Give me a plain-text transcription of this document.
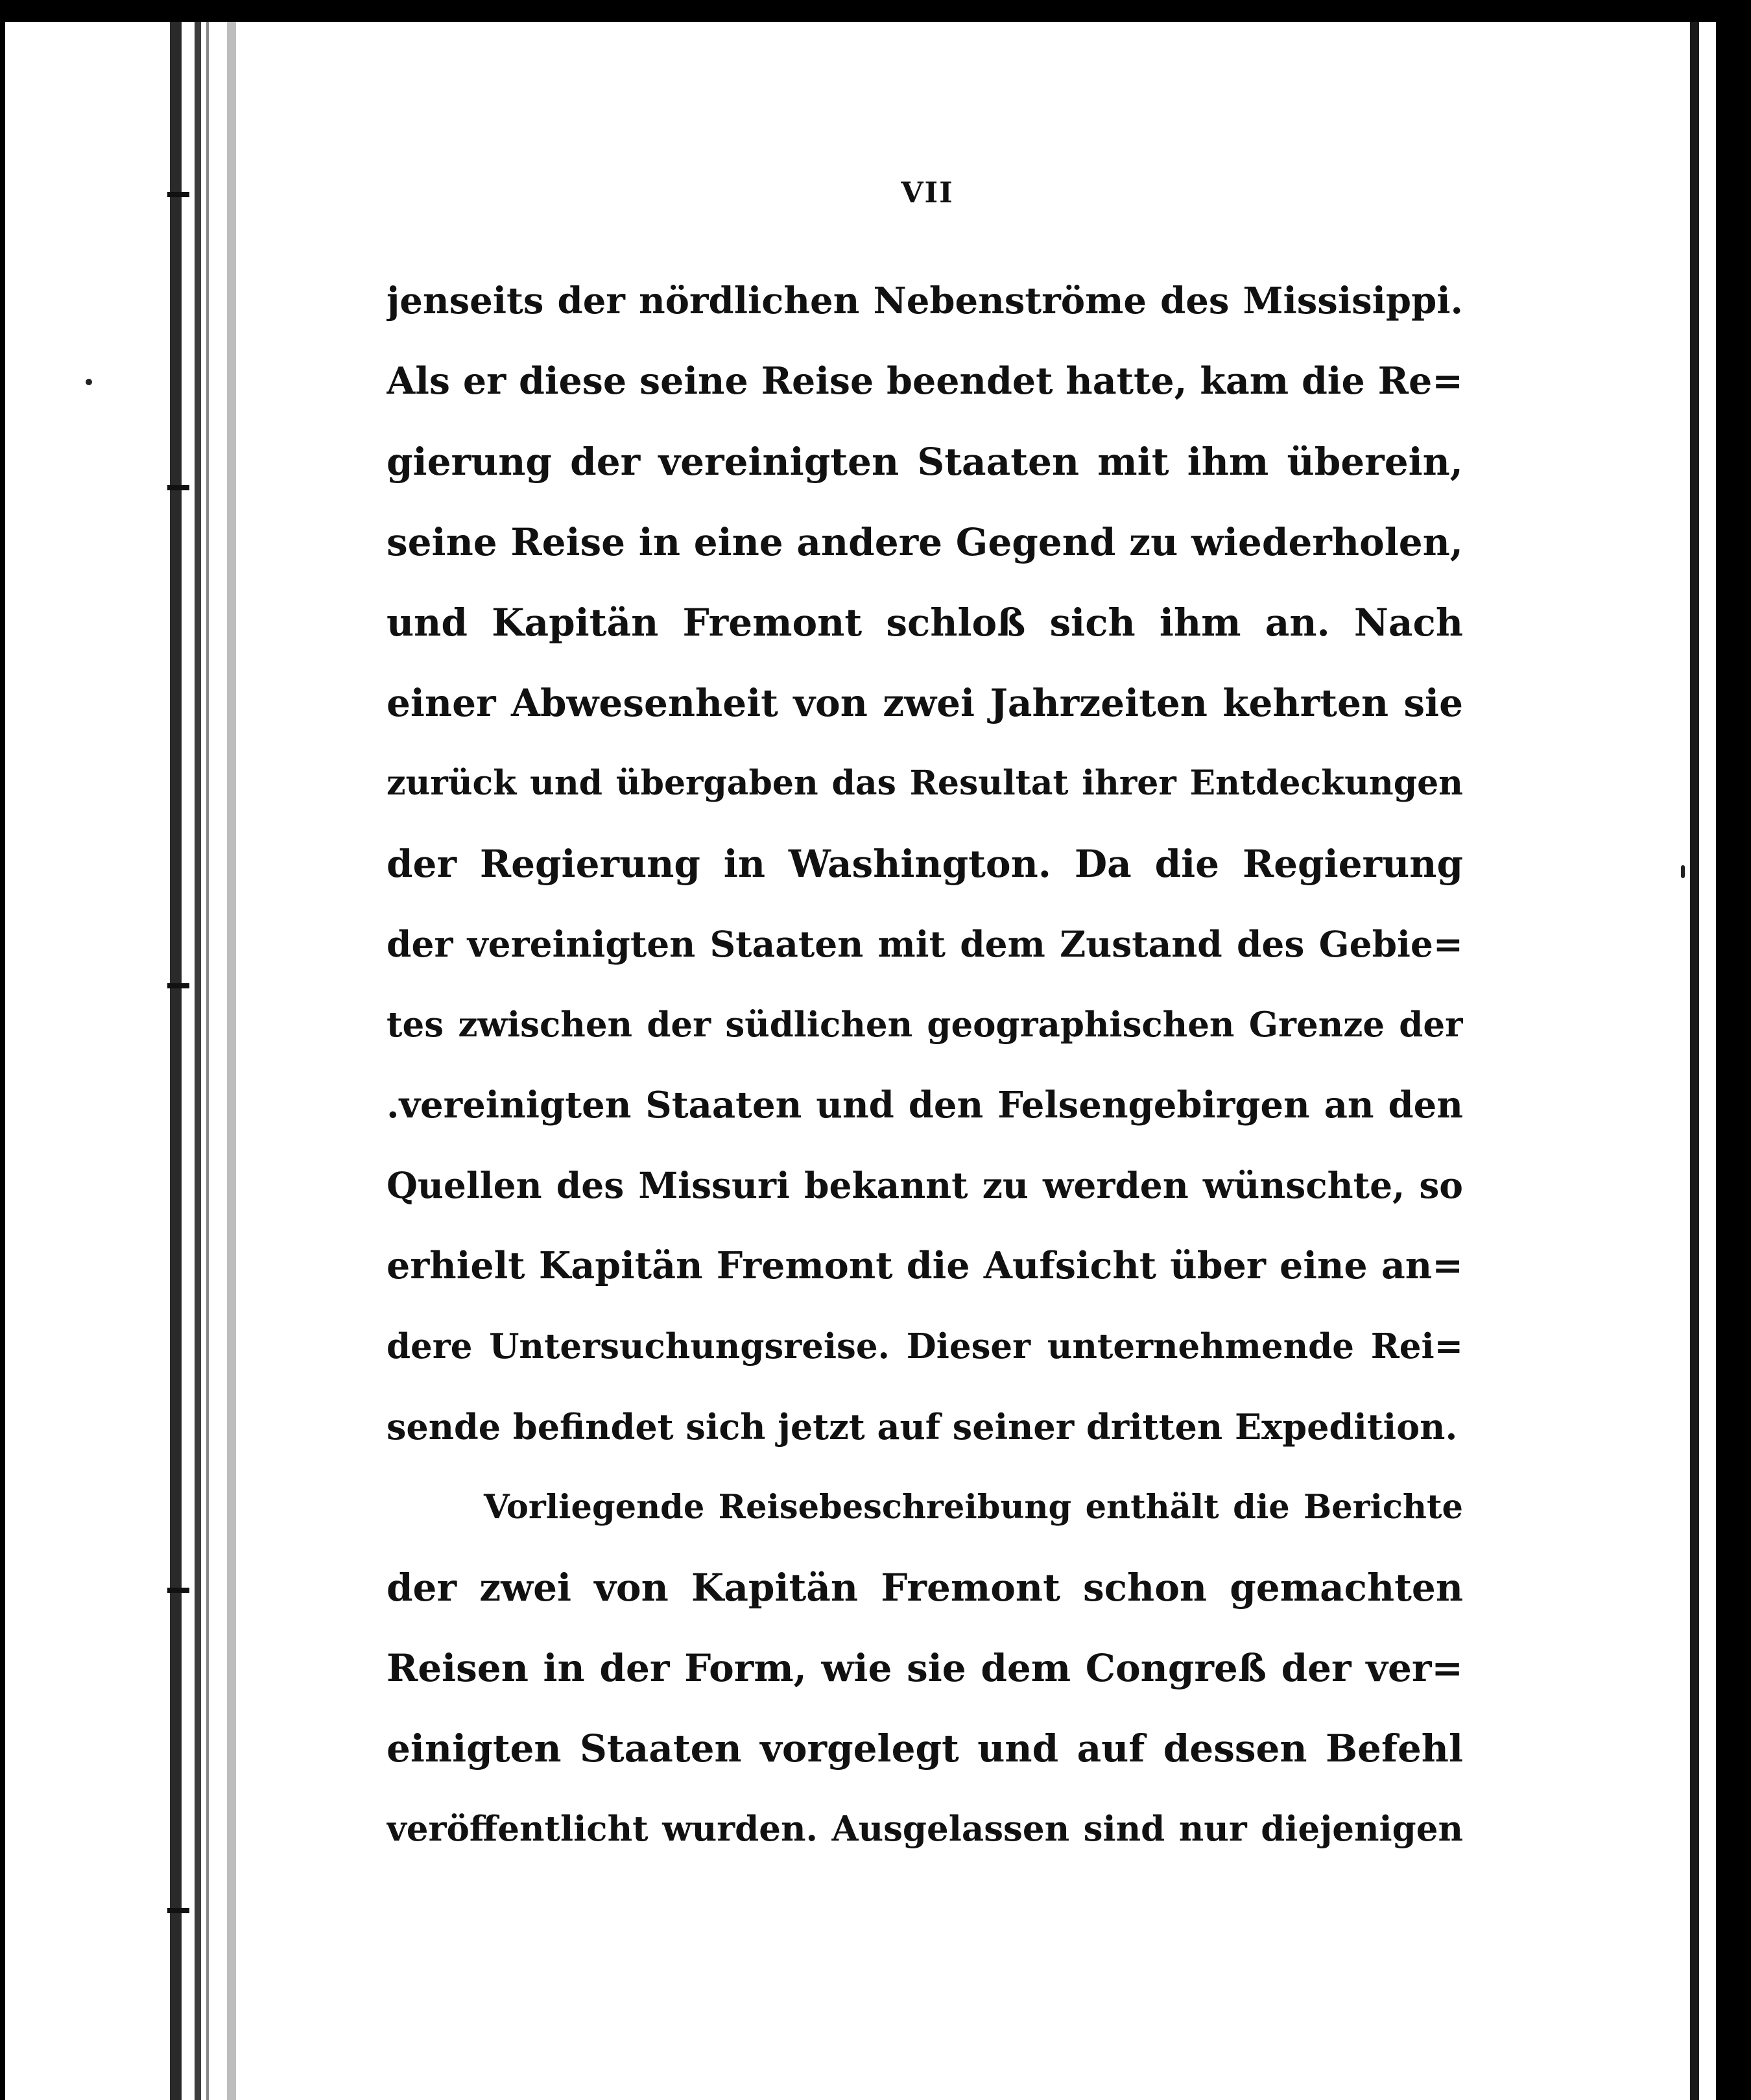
VII
jenseits der nördlichen Nebenströme des Missisippi.
Als er diese seine Reise beendet hatte, kam die Re=
gierung der vereinigten Staaten mit ihm überein,
seine Reise in eine andere Gegend zu wiederholen,
und Kapitän Fremont schloß sich ihm an. Nach
einer Abwesenheit von zwei Jahrzeiten kehrten sie
zurück und übergaben das Resultat ihrer Entdeckungen
der Regierung in Washington. Da die Regierung
der vereinigten Staaten mit dem Zustand des Gebie=
tes zwischen der südlichen geographischen Grenze der
.vereinigten Staaten und den Felsengebirgen an den
Quellen des Missuri bekannt zu werden wünschte, so
erhielt Kapitän Fremont die Aufsicht über eine an=
dere Untersuchungsreise. Dieser unternehmende Rei=
sende befindet sich jetzt auf seiner dritten Expedition.
Vorliegende Reisebeschreibung enthält die Berichte
der zwei von Kapitän Fremont schon gemachten
Reisen in der Form, wie sie dem Congreß der ver=
einigten Staaten vorgelegt und auf dessen Befehl
veröffentlicht wurden. Ausgelassen sind nur diejenigen
